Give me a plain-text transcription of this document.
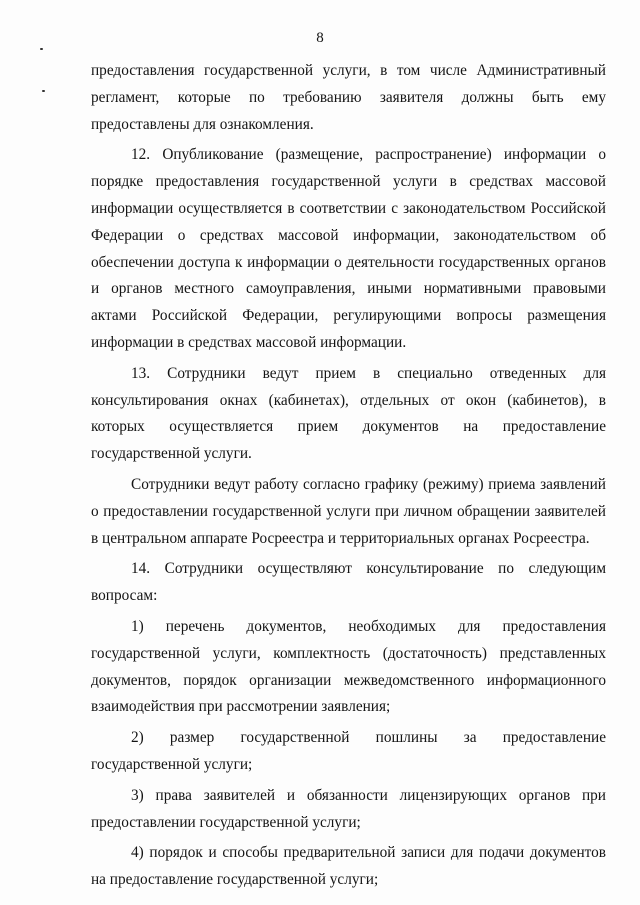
8

предоставления государственной услуги, в том числе Административный регламент, которые по требованию заявителя должны быть ему предоставлены для ознакомления.

12. Опубликование (размещение, распространение) информации о порядке предоставления государственной услуги в средствах массовой информации осуществляется в соответствии с законодательством Российской Федерации о средствах массовой информации, законодательством об обеспечении доступа к информации о деятельности государственных органов и органов местного самоуправления, иными нормативными правовыми актами Российской Федерации, регулирующими вопросы размещения информации в средствах массовой информации.

13. Сотрудники ведут прием в специально отведенных для консультирования окнах (кабинетах), отдельных от окон (кабинетов), в которых осуществляется прием документов на предоставление государственной услуги.

Сотрудники ведут работу согласно графику (режиму) приема заявлений о предоставлении государственной услуги при личном обращении заявителей в центральном аппарате Росреестра и территориальных органах Росреестра.

14. Сотрудники осуществляют консультирование по следующим вопросам:

1) перечень документов, необходимых для предоставления государственной услуги, комплектность (достаточность) представленных документов, порядок организации межведомственного информационного взаимодействия при рассмотрении заявления;

2) размер государственной пошлины за предоставление государственной услуги;

3) права заявителей и обязанности лицензирующих органов при предоставлении государственной услуги;

4) порядок и способы предварительной записи для подачи документов на предоставление государственной услуги;
